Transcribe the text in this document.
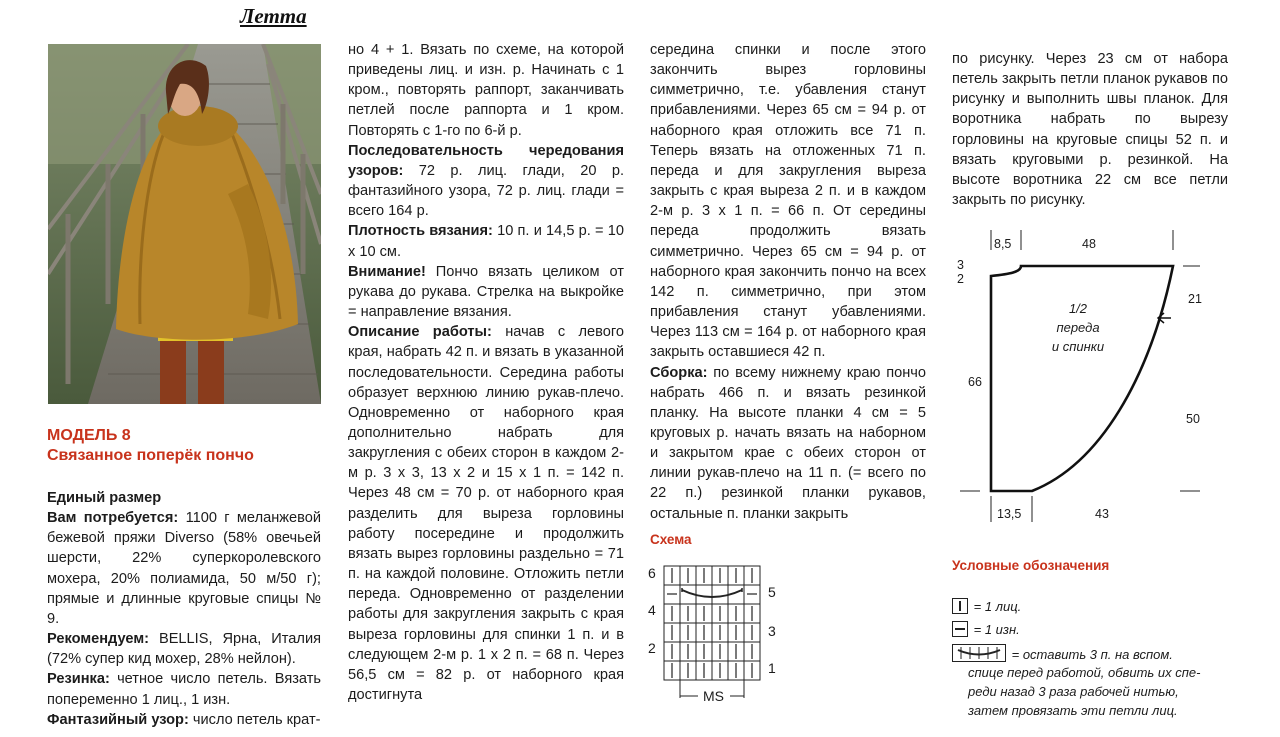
Летта
МОДЕЛЬ 8
Связанное поперёк пончо

Единый размер

Вам потребуется: 1100 г меланжевой бежевой пряжи Diverso (58% овечьей шерсти, 22% суперкоролевского мохера, 20% полиамида, 50 м/50 г); прямые и длинные круговые спицы № 9.

Рекомендуем: BELLIS, Ярна, Италия (72% супер кид мохер, 28% нейлон).

Резинка: четное число петель. Вязать попеременно 1 лиц., 1 изн.

Фантазийный узор: число петель крат-

но 4 + 1. Вязать по схеме, на которой приведены лиц. и изн. р. Начинать с 1 кром., повторять раппорт, заканчивать петлей после раппорта и 1 кром. Повторять с 1-го по 6-й р.

Последовательность чередования узоров: 72 р. лиц. глади, 20 р. фантазийного узора, 72 р. лиц. глади = всего 164 р.

Плотность вязания: 10 п. и 14,5 р. = 10 х 10 см.

Внимание! Пончо вязать целиком от рукава до рукава. Стрелка на выкройке = направление вязания.

Описание работы: начав с левого края, набрать 42 п. и вязать в указанной последовательности. Середина работы образует верхнюю линию рукав-плечо. Одновременно от наборного края дополнительно набрать для закругления с обеих сторон в каждом 2-м р. 3 х 3, 13 х 2 и 15 х 1 п. = 142 п. Через 48 см = 70 р. от наборного края разделить для выреза горловины работу посередине и продолжить вязать вырез горловины раздельно = 71 п. на каждой половине. Отложить петли переда. Одновременно от разделении работы для закругления закрыть с края выреза горловины для спинки 1 п. и в следующем 2-м р. 1 х 2 п. = 68 п. Через 56,5 см = 82 р. от наборного края достигнута

середина спинки и после этого закончить вырез горловины симметрично, т.е. убавления станут прибавлениями. Через 65 см = 94 р. от наборного края отложить все 71 п. Теперь вязать на отложенных 71 п. переда и для закругления выреза закрыть с края выреза 2 п. и в каждом 2-м р. 3 х 1 п. = 66 п. От середины переда продолжить вязать симметрично. Через 65 см = 94 р. от наборного края закончить пончо на всех 142 п. симметрично, при этом прибавления станут убавлениями. Через 113 см = 164 р. от наборного края закрыть оставшиеся 42 п.

Сборка: по всему нижнему краю пончо набрать 466 п. и вязать резинкой планку. На высоте планки 4 см = 5 круговых р. начать вязать на наборном и закрытом крае с обеих сторон от линии рукав-плечо на 11 п. (= всего по 22 п.) резинкой планки рукавов, остальные п. планки закрыть

Схема
6
4
2
5
3
1
MS

по рисунку. Через 23 см от набора петель закрыть петли планок рукавов по рисунку и выполнить швы планок. Для воротника набрать по вырезу горловины на круговые спицы 52 п. и вязать круговыми р. резинкой. На высоте воротника 22 см все петли закрыть по рисунку.

8,5	48
3
2
21
66
50
13,5	43
1/2
переда
и спинки
Условные обозначения
= 1 лиц.
= 1 изн.
= оставить 3 п. на вспом.
спице перед работой, обвить их спе-
реди назад 3 раза рабочей нитью,
затем провязать эти петли лиц.
